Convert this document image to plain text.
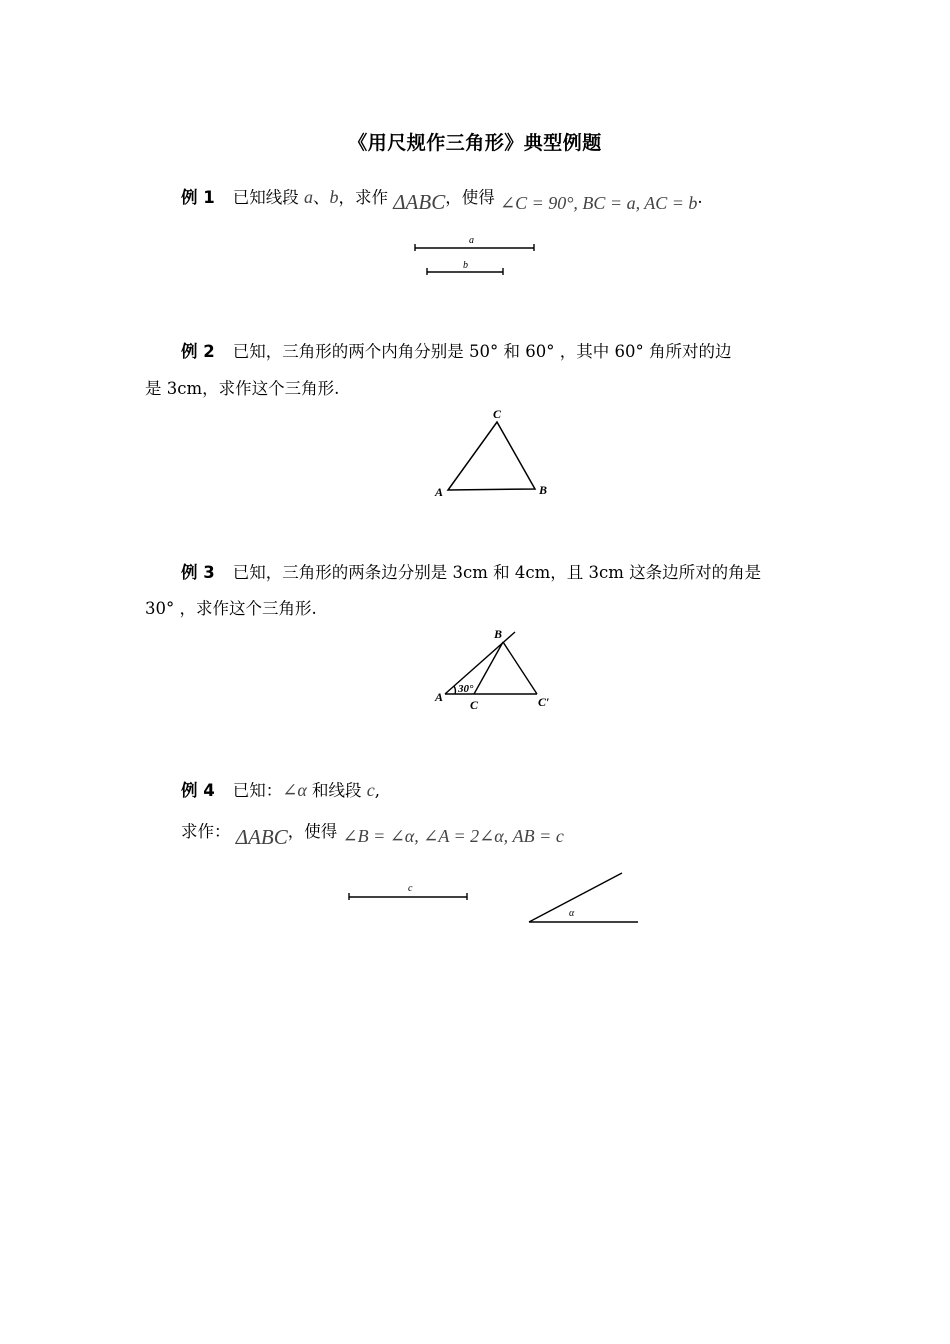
《用尺规作三角形》典型例题
例 1 已知线段 a、b，求作 ΔABC，使得 ∠C = 90°, BC = a, AC = b.
a
b
例 2 已知，三角形的两个内角分别是 50° 和 60° ，其中 60° 角所对的边
是 3cm，求作这个三角形.
A	B
C
例 3 已知，三角形的两条边分别是 3cm 和 4cm，且 3cm 这条边所对的角是
30° ，求作这个三角形.
A
B
C	C′
30°
例 4 已知：∠α 和线段 c,
求作： ΔABC，使得 ∠B = ∠α, ∠A = 2∠α, AB = c
c
α
